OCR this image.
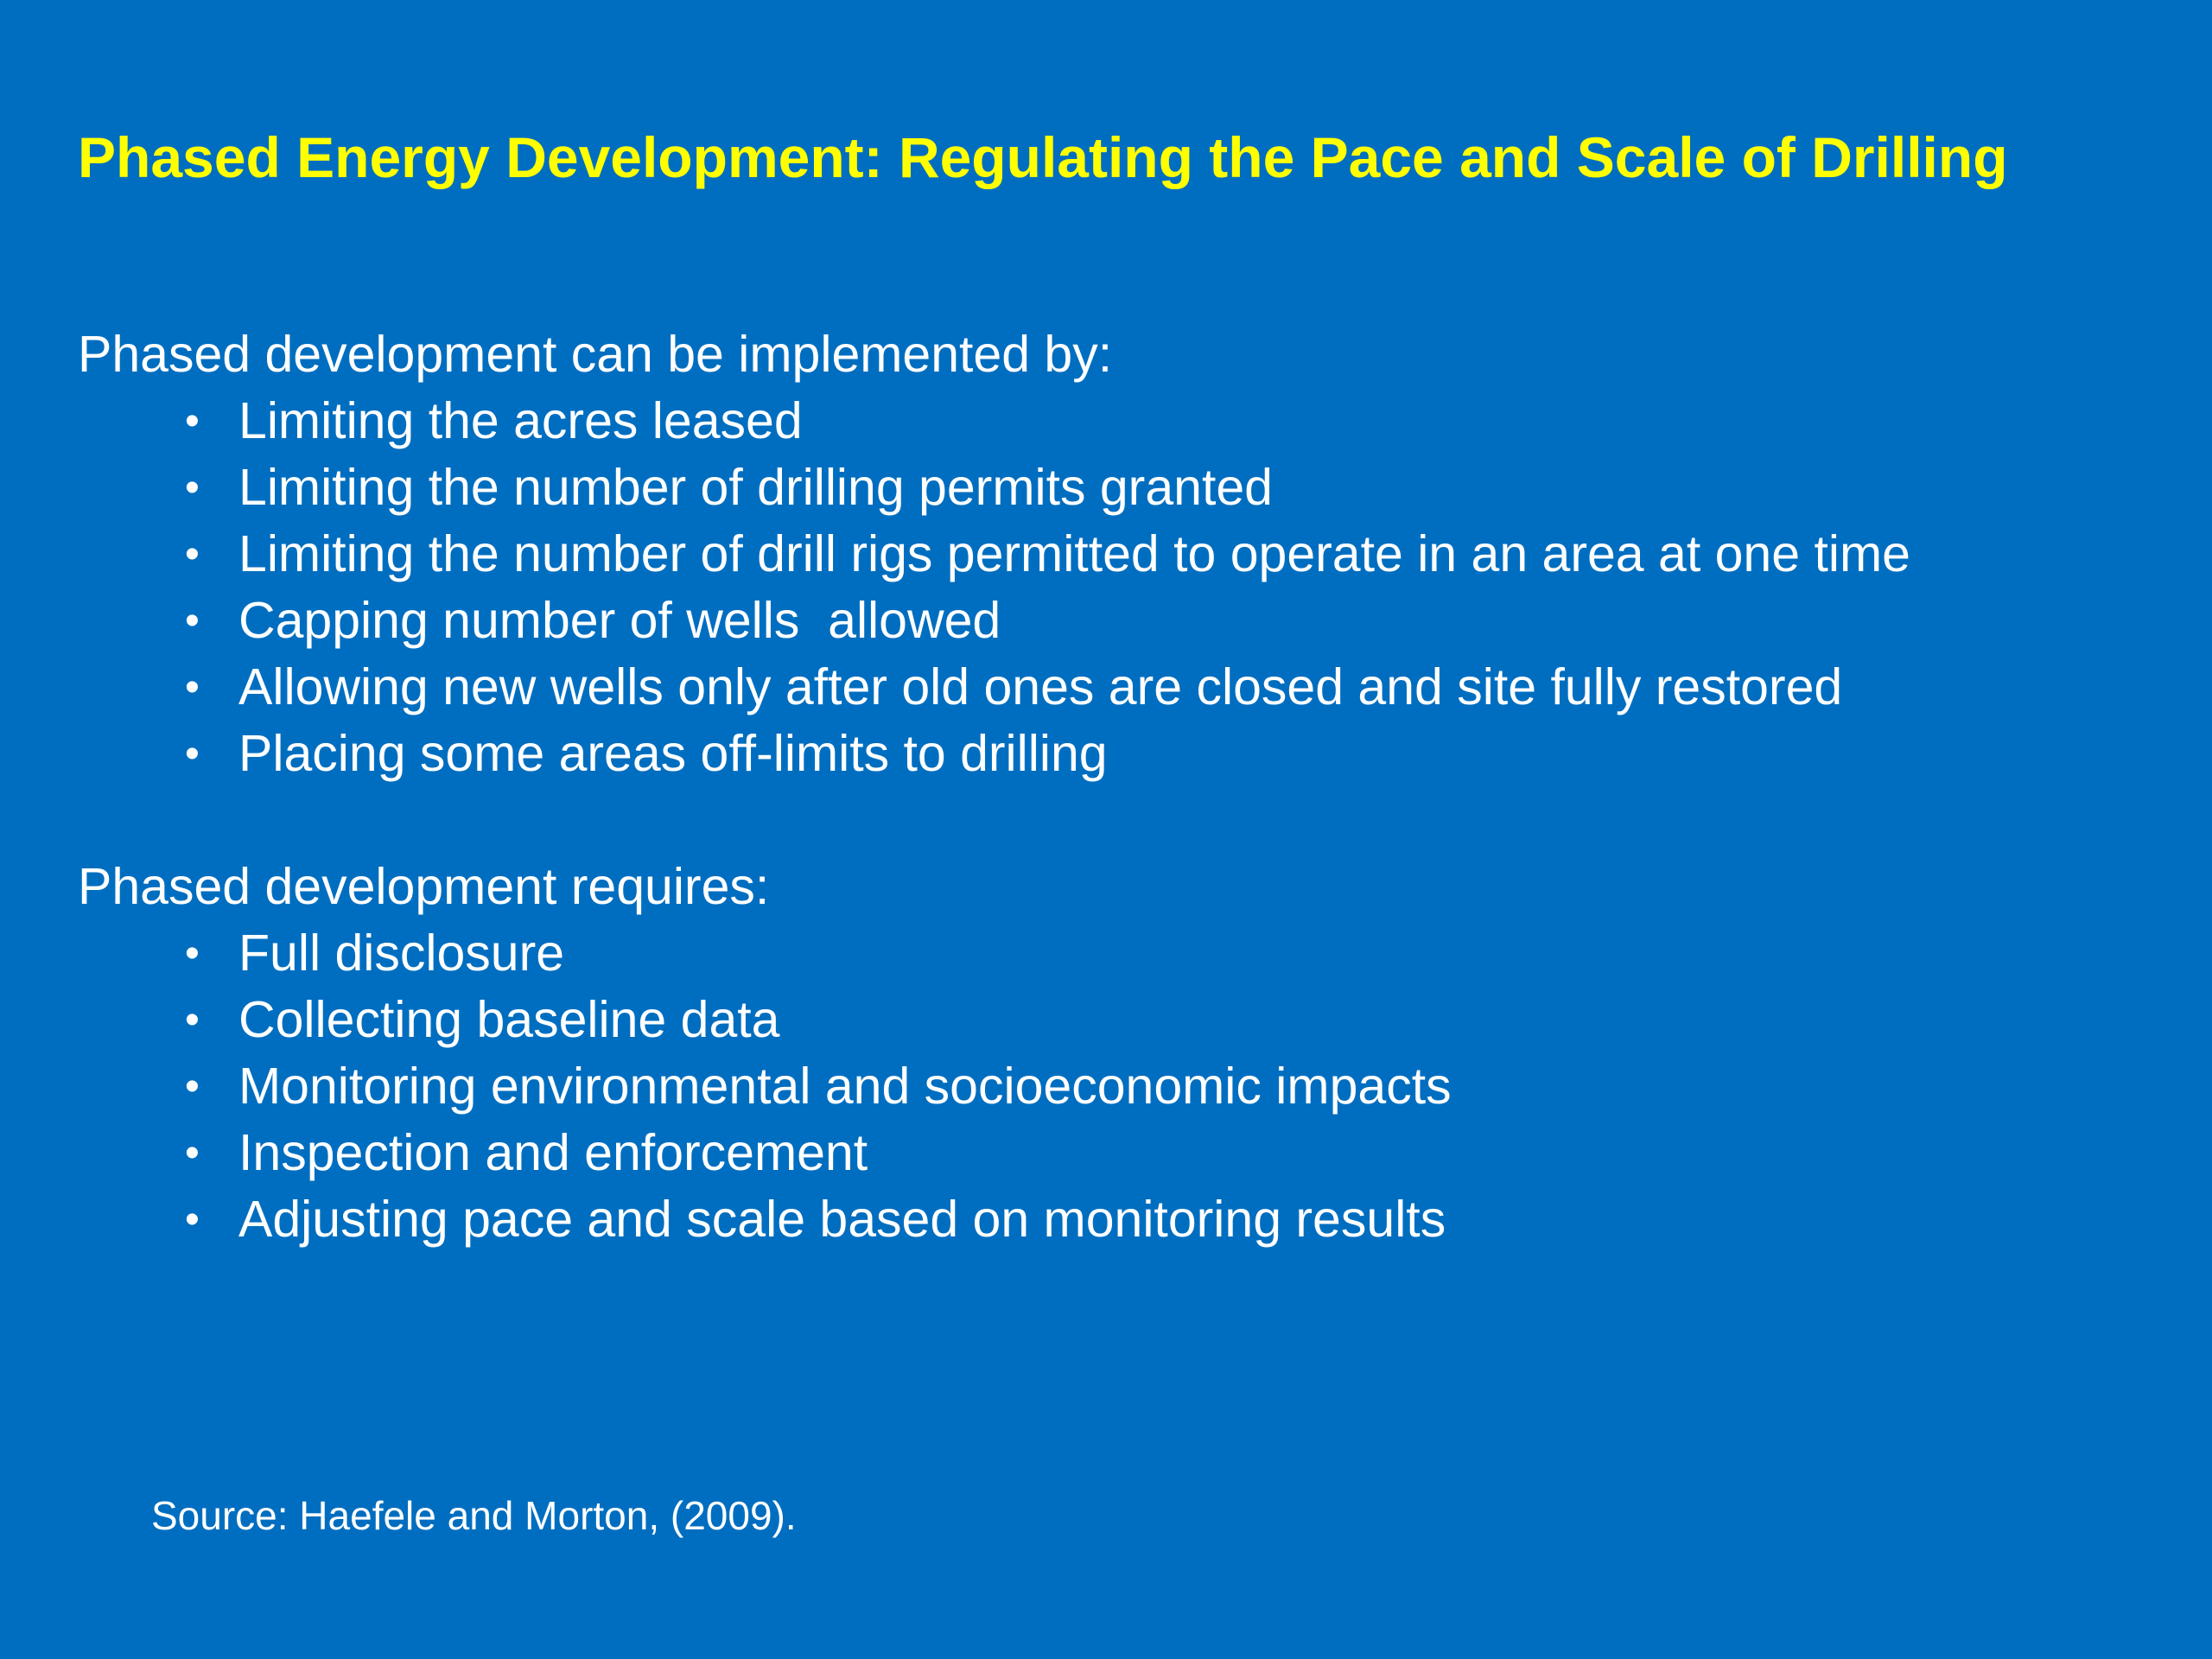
Phased Energy Development: Regulating the Pace and Scale of Drilling
Phased development can be implemented by:
• Limiting the acres leased
• Limiting the number of drilling permits granted
• Limiting the number of drill rigs permitted to operate in an area at one time
• Capping number of wells  allowed
• Allowing new wells only after old ones are closed and site fully restored
• Placing some areas off-limits to drilling
Phased development requires:
• Full disclosure
• Collecting baseline data
• Monitoring environmental and socioeconomic impacts
• Inspection and enforcement
• Adjusting pace and scale based on monitoring results
Source: Haefele and Morton, (2009).
